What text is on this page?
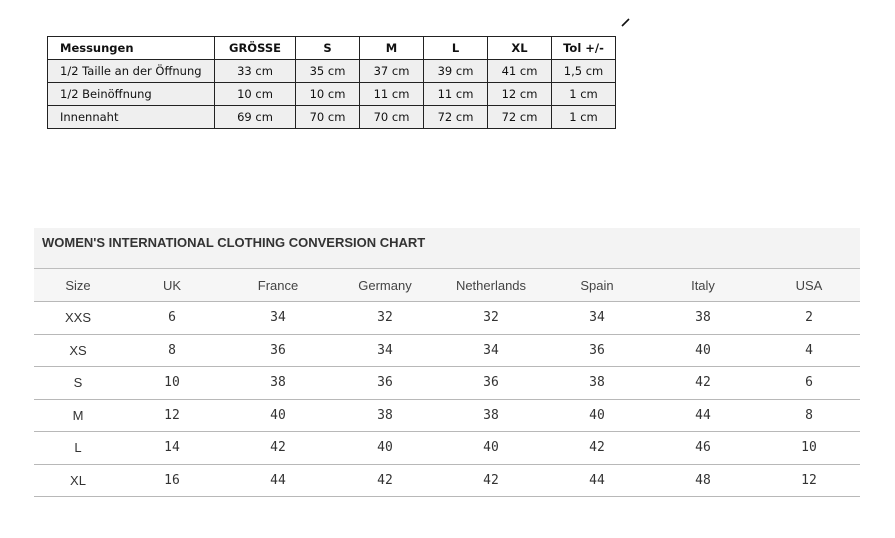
Messungen	GRÖSSE	S	M	L	XL	Tol +/-
1/2 Taille an der Öffnung	33 cm	35 cm	37 cm	39 cm	41 cm	1,5 cm
1/2 Beinöffnung	10 cm	10 cm	11 cm	11 cm	12 cm	1 cm
Innennaht	69 cm	70 cm	70 cm	72 cm	72 cm	1 cm
WOMEN'S INTERNATIONAL CLOTHING CONVERSION CHART
Size	UK	France	Germany	Netherlands	Spain	Italy	USA
XXS	6	34	32	32	34	38	2
XS	8	36	34	34	36	40	4
S	10	38	36	36	38	42	6
M	12	40	38	38	40	44	8
L	14	42	40	40	42	46	10
XL	16	44	42	42	44	48	12
